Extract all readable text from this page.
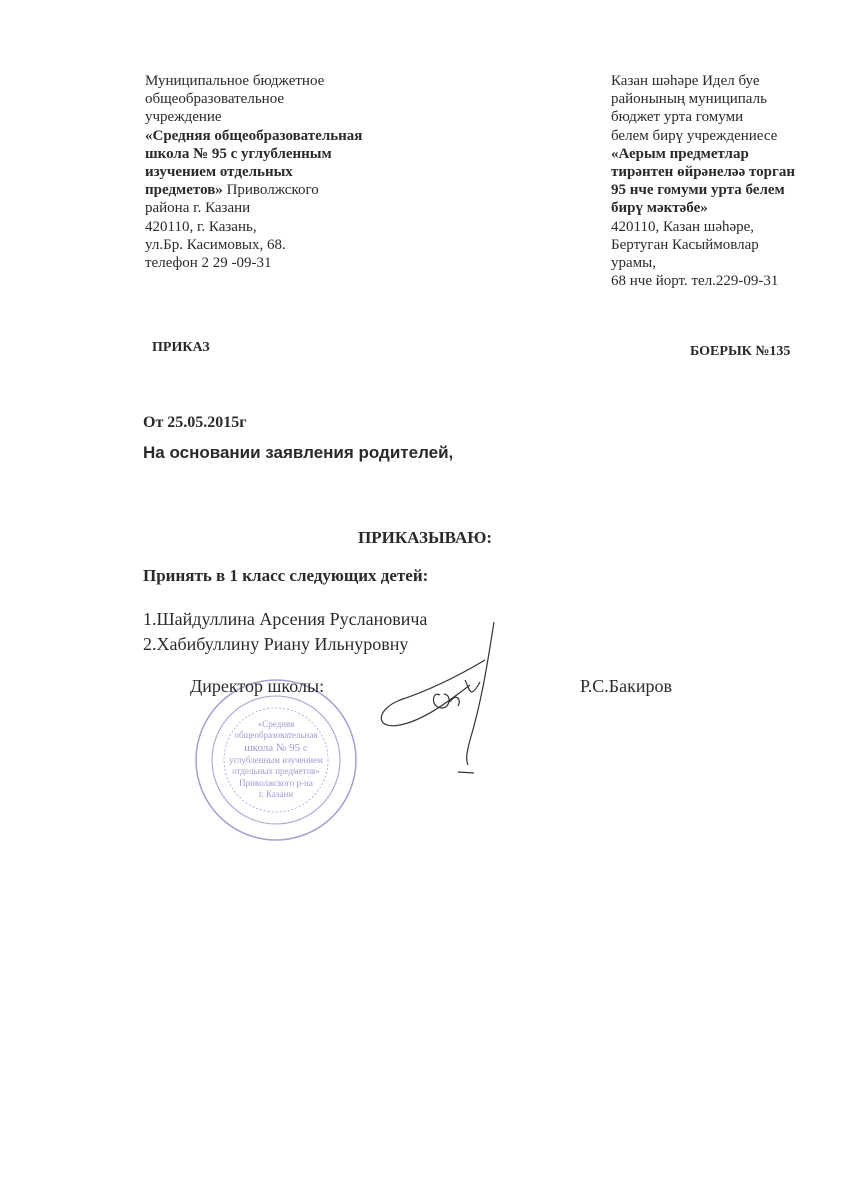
Муниципальное бюджетное
общеобразовательное
учреждение
«Средняя общеобразовательная
школа № 95 с углубленным
изучением отдельных
предметов» Приволжского
района г. Казани
420110, г. Казань,
ул.Бр. Касимовых, 68.
телефон 2 29 -09-31
Казан шәһәре Идел буе
районының муниципаль
бюджет урта гомуми
белем бирү учреждениесе
«Аерым предметлар
тирәнтен өйрәнеләә торган
95 нче гомуми урта белем
бирү мәктәбе»
420110, Казан шәһәре,
Бертуган Касыймовлар
урамы,
68 нче йорт. тел.229-09-31
ПРИКАЗ	БОЕРЫК №135
От 25.05.2015г
На основании заявления родителей,
ПРИКАЗЫВАЮ:
Принять в 1 класс следующих детей:
1.Шайдуллина Арсения Руслановича
2.Хабибуллину Риану Ильнуровну
«Средняя
общеобразовательная
школа № 95 с
углубленным изучением
отдельных предметов»
Приволжского р-на
г. Казани
Директор школы:	Р.С.Бакиров
